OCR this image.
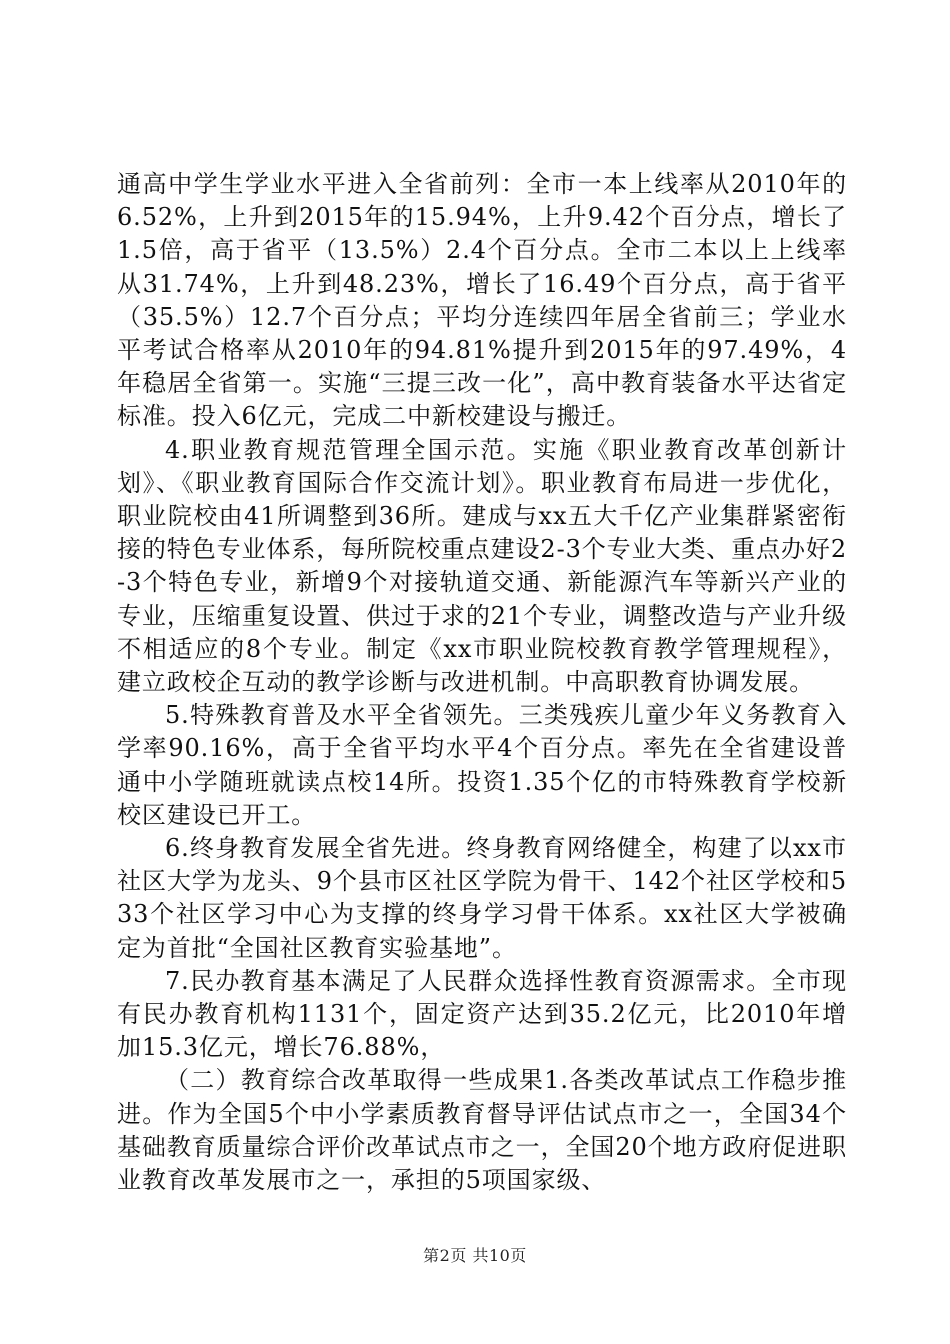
通高中学生学业水平进入全省前列：全市一本上线率从2010年的6.52%，上升到2015年的15.94%，上升9.42个百分点，增长了1.5倍，高于省平（13.5%）2.4个百分点。全市二本以上上线率从31.74%，上升到48.23%，增长了16.49个百分点，高于省平（35.5%）12.7个百分点；平均分连续四年居全省前三；学业水平考试合格率从2010年的94.81%提升到2015年的97.49%，4年稳居全省第一。实施“三提三改一化”，高中教育装备水平达省定标准。投入6亿元，完成二中新校建设与搬迁。

4.职业教育规范管理全国示范。实施《职业教育改革创新计划》、《职业教育国际合作交流计划》。职业教育布局进一步优化，职业院校由41所调整到36所。建成与xx五大千亿产业集群紧密衔接的特色专业体系，每所院校重点建设2-3个专业大类、重点办好2-3个特色专业，新增9个对接轨道交通、新能源汽车等新兴产业的专业，压缩重复设置、供过于求的21个专业，调整改造与产业升级不相适应的8个专业。制定《xx市职业院校教育教学管理规程》，建立政校企互动的教学诊断与改进机制。中高职教育协调发展。

5.特殊教育普及水平全省领先。三类残疾儿童少年义务教育入学率90.16%，高于全省平均水平4个百分点。率先在全省建设普通中小学随班就读点校14所。投资1.35个亿的市特殊教育学校新校区建设已开工。

6.终身教育发展全省先进。终身教育网络健全，构建了以xx市社区大学为龙头、9个县市区社区学院为骨干、142个社区学校和533个社区学习中心为支撑的终身学习骨干体系。xx社区大学被确定为首批“全国社区教育实验基地”。

7.民办教育基本满足了人民群众选择性教育资源需求。全市现有民办教育机构1131个，固定资产达到35.2亿元，比2010年增加15.3亿元，增长76.88%，

（二）教育综合改革取得一些成果1.各类改革试点工作稳步推进。作为全国5个中小学素质教育督导评估试点市之一，全国34个基础教育质量综合评价改革试点市之一，全国20个地方政府促进职业教育改革发展市之一，承担的5项国家级、

第2页 共10页
